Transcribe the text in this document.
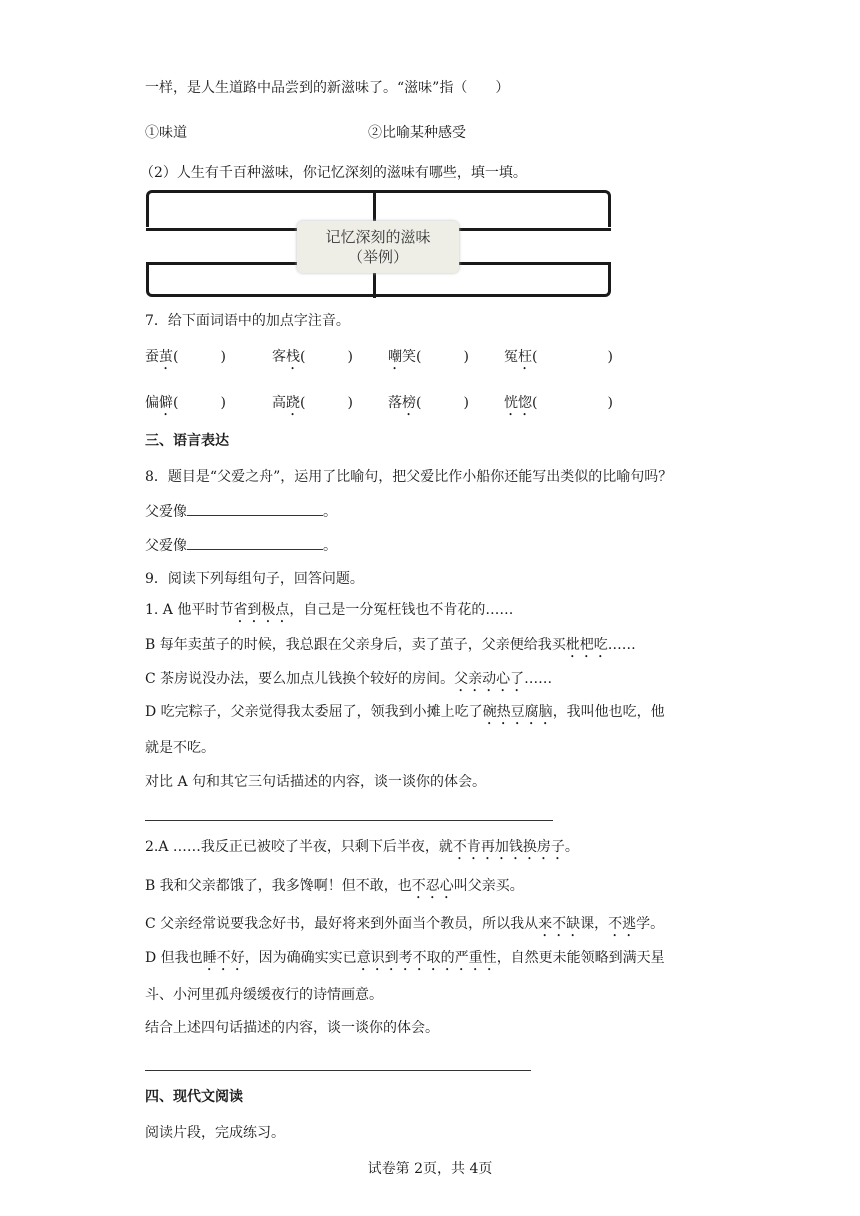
一样，是人生道路中品尝到的新滋味了。“滋味”指（　　）
①味道	②比喻某种感受
（2）人生有千百种滋味，你记忆深刻的滋味有哪些，填一填。
记忆深刻的滋味
（举例）
7．给下面词语中的加点字注音。
蚕茧(　　　)	客栈(　　　)	嘲笑(　　　)	冤枉(　　　　　)
偏僻(　　　)	高跷(　　　)	落榜(　　　)	恍惚(　　　　　)
三、语言表达
8．题目是“父爱之舟”，运用了比喻句，把父爱比作小船你还能写出类似的比喻句吗？
父爱像	。
父爱像	。
9．阅读下列每组句子，回答问题。
1. A 他平时节省到极点，自己是一分冤枉钱也不肯花的……
B 每年卖茧子的时候，我总跟在父亲身后，卖了茧子，父亲便给我买枇杷吃……
C 茶房说没办法，要么加点儿钱换个较好的房间。父亲动心了……
D 吃完粽子，父亲觉得我太委屈了，领我到小摊上吃了碗热豆腐脑，我叫他也吃，他
就是不吃。
对比 A 句和其它三句话描述的内容，谈一谈你的体会。
2.A ……我反正已被咬了半夜，只剩下后半夜，就不肯再加钱换房子。
B 我和父亲都饿了，我多馋啊！但不敢，也不忍心叫父亲买。
C 父亲经常说要我念好书，最好将来到外面当个教员，所以我从来不缺课，不逃学。
D 但我也睡不好，因为确确实实已意识到考不取的严重性，自然更未能领略到满天星
斗、小河里孤舟缓缓夜行的诗情画意。
结合上述四句话描述的内容，谈一谈你的体会。
四、现代文阅读
阅读片段，完成练习。
试卷第 2页，共 4页
